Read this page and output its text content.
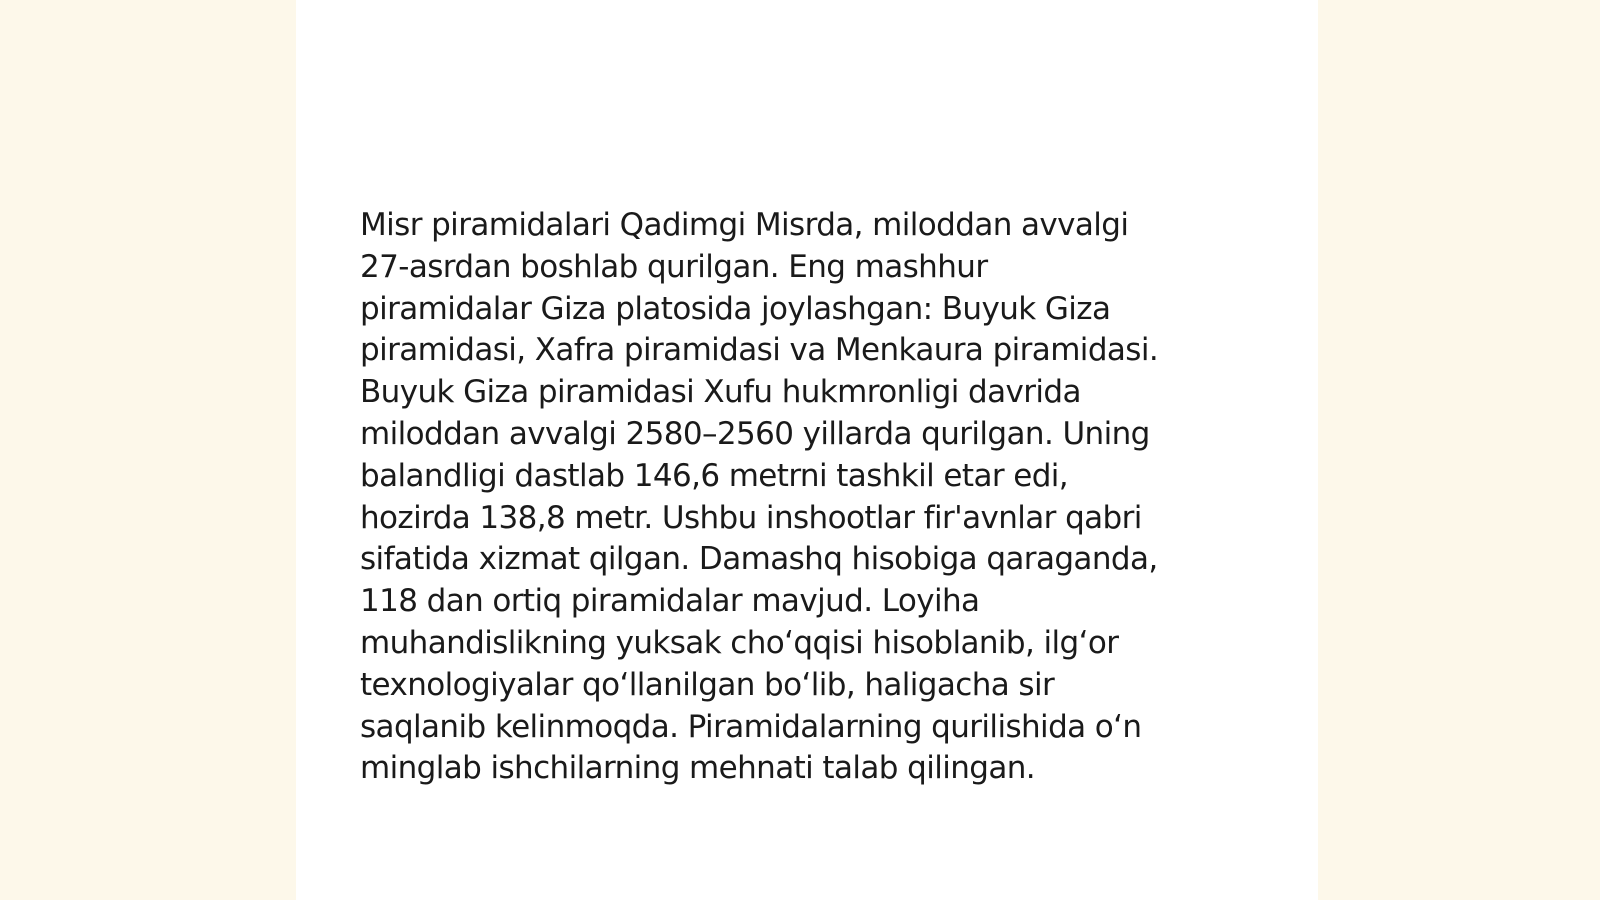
Misr piramidalari Qadimgi Misrda, miloddan avvalgi
27-asrdan boshlab qurilgan. Eng mashhur
piramidalar Giza platosida joylashgan: Buyuk Giza
piramidasi, Xafra piramidasi va Menkaura piramidasi.
Buyuk Giza piramidasi Xufu hukmronligi davrida
miloddan avvalgi 2580–2560 yillarda qurilgan. Uning
balandligi dastlab 146,6 metrni tashkil etar edi,
hozirda 138,8 metr. Ushbu inshootlar fir'avnlar qabri
sifatida xizmat qilgan. Damashq hisobiga qaraganda,
118 dan ortiq piramidalar mavjud. Loyiha
muhandislikning yuksak choʻqqisi hisoblanib, ilgʻor
texnologiyalar qoʻllanilgan boʻlib, haligacha sir
saqlanib kelinmoqda. Piramidalarning qurilishida oʻn
minglab ishchilarning mehnati talab qilingan.
